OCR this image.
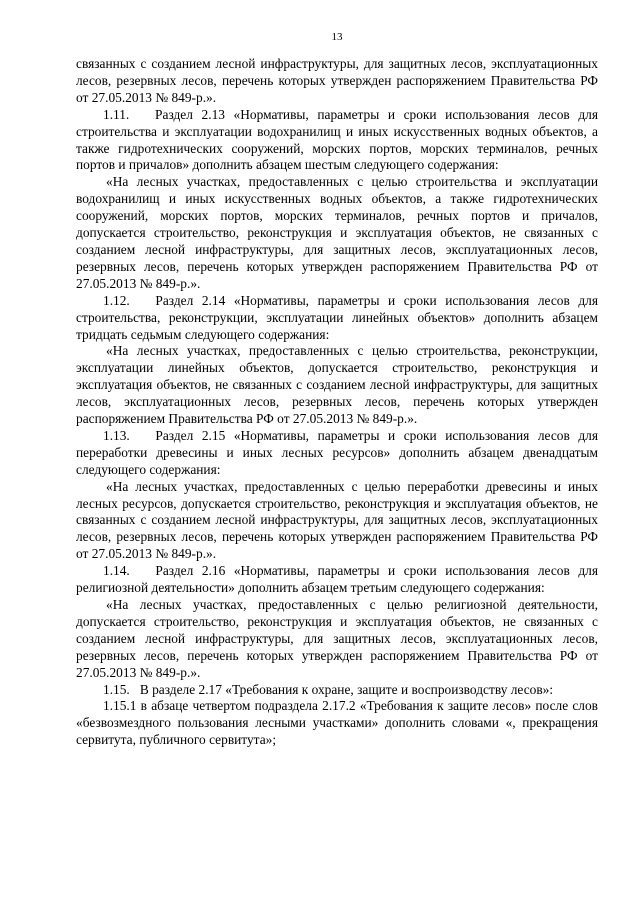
13

связанных с созданием лесной инфраструктуры, для защитных лесов, эксплуатационных лесов, резервных лесов, перечень которых утвержден распоряжением Правительства РФ от 27.05.2013 № 849-р.».

1.11.   Раздел 2.13 «Нормативы, параметры и сроки использования лесов для строительства и эксплуатации водохранилищ и иных искусственных водных объектов, а также гидротехнических сооружений, морских портов, морских терминалов, речных портов и причалов» дополнить абзацем шестым следующего содержания:

«На лесных участках, предоставленных с целью строительства и эксплуатации водохранилищ и иных искусственных водных объектов, а также гидротехнических сооружений, морских портов, морских терминалов, речных портов и причалов, допускается строительство, реконструкция и эксплуатация объектов, не связанных с созданием лесной инфраструктуры, для защитных лесов, эксплуатационных лесов, резервных лесов, перечень которых утвержден распоряжением Правительства РФ от 27.05.2013 № 849-р.».

1.12.   Раздел 2.14 «Нормативы, параметры и сроки использования лесов для строительства, реконструкции, эксплуатации линейных объектов» дополнить абзацем тридцать седьмым следующего содержания:

«На лесных участках, предоставленных с целью строительства, реконструкции, эксплуатации линейных объектов, допускается строительство, реконструкция и эксплуатация объектов, не связанных с созданием лесной инфраструктуры, для защитных лесов, эксплуатационных лесов, резервных лесов, перечень которых утвержден распоряжением Правительства РФ от 27.05.2013 № 849-р.».

1.13.   Раздел 2.15 «Нормативы, параметры и сроки использования лесов для переработки древесины и иных лесных ресурсов» дополнить абзацем двенадцатым следующего содержания:

«На лесных участках, предоставленных с целью переработки древесины и иных лесных ресурсов, допускается строительство, реконструкция и эксплуатация объектов, не связанных с созданием лесной инфраструктуры, для защитных лесов, эксплуатационных лесов, резервных лесов, перечень которых утвержден распоряжением Правительства РФ от 27.05.2013 № 849-р.».

1.14.   Раздел 2.16 «Нормативы, параметры и сроки использования лесов для религиозной деятельности» дополнить абзацем третьим следующего содержания:

«На лесных участках, предоставленных с целью религиозной деятельности, допускается строительство, реконструкция и эксплуатация объектов, не связанных с созданием лесной инфраструктуры, для защитных лесов, эксплуатационных лесов, резервных лесов, перечень которых утвержден распоряжением Правительства РФ от 27.05.2013 № 849-р.».

1.15.   В разделе 2.17 «Требования к охране, защите и воспроизводству лесов»:

1.15.1 в абзаце четвертом подраздела 2.17.2 «Требования к защите лесов» после слов «безвозмездного пользования лесными участками» дополнить словами «, прекращения сервитута, публичного сервитута»;
